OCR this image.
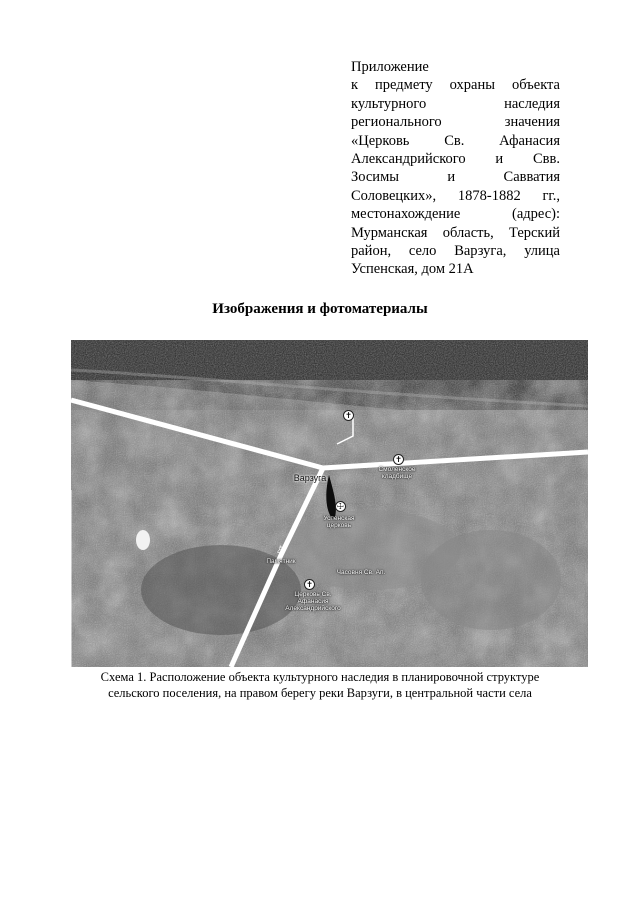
Приложение
к предмету охраны объекта
культурного наследия
регионального значения
«Церковь Св. Афанасия
Александрийского и Свв.
Зосимы и Савватия
Соловецких», 1878-1882 гг.,
местонахождение (адрес):
Мурманская область, Терский
район, село Варзуга, улица
Успенская, дом 21А
Изображения и фотоматериалы
✝
✝
☩
♙
✝
Варзуга
Успенская церковь
Смоленское кладбище
Памятник
Церковь Св. Афанасия Александрийского
Часовня Св. Ап.
Схема 1. Расположение объекта культурного наследия в планировочной структуре
сельского поселения, на правом берегу реки Варзуги, в центральной части села
